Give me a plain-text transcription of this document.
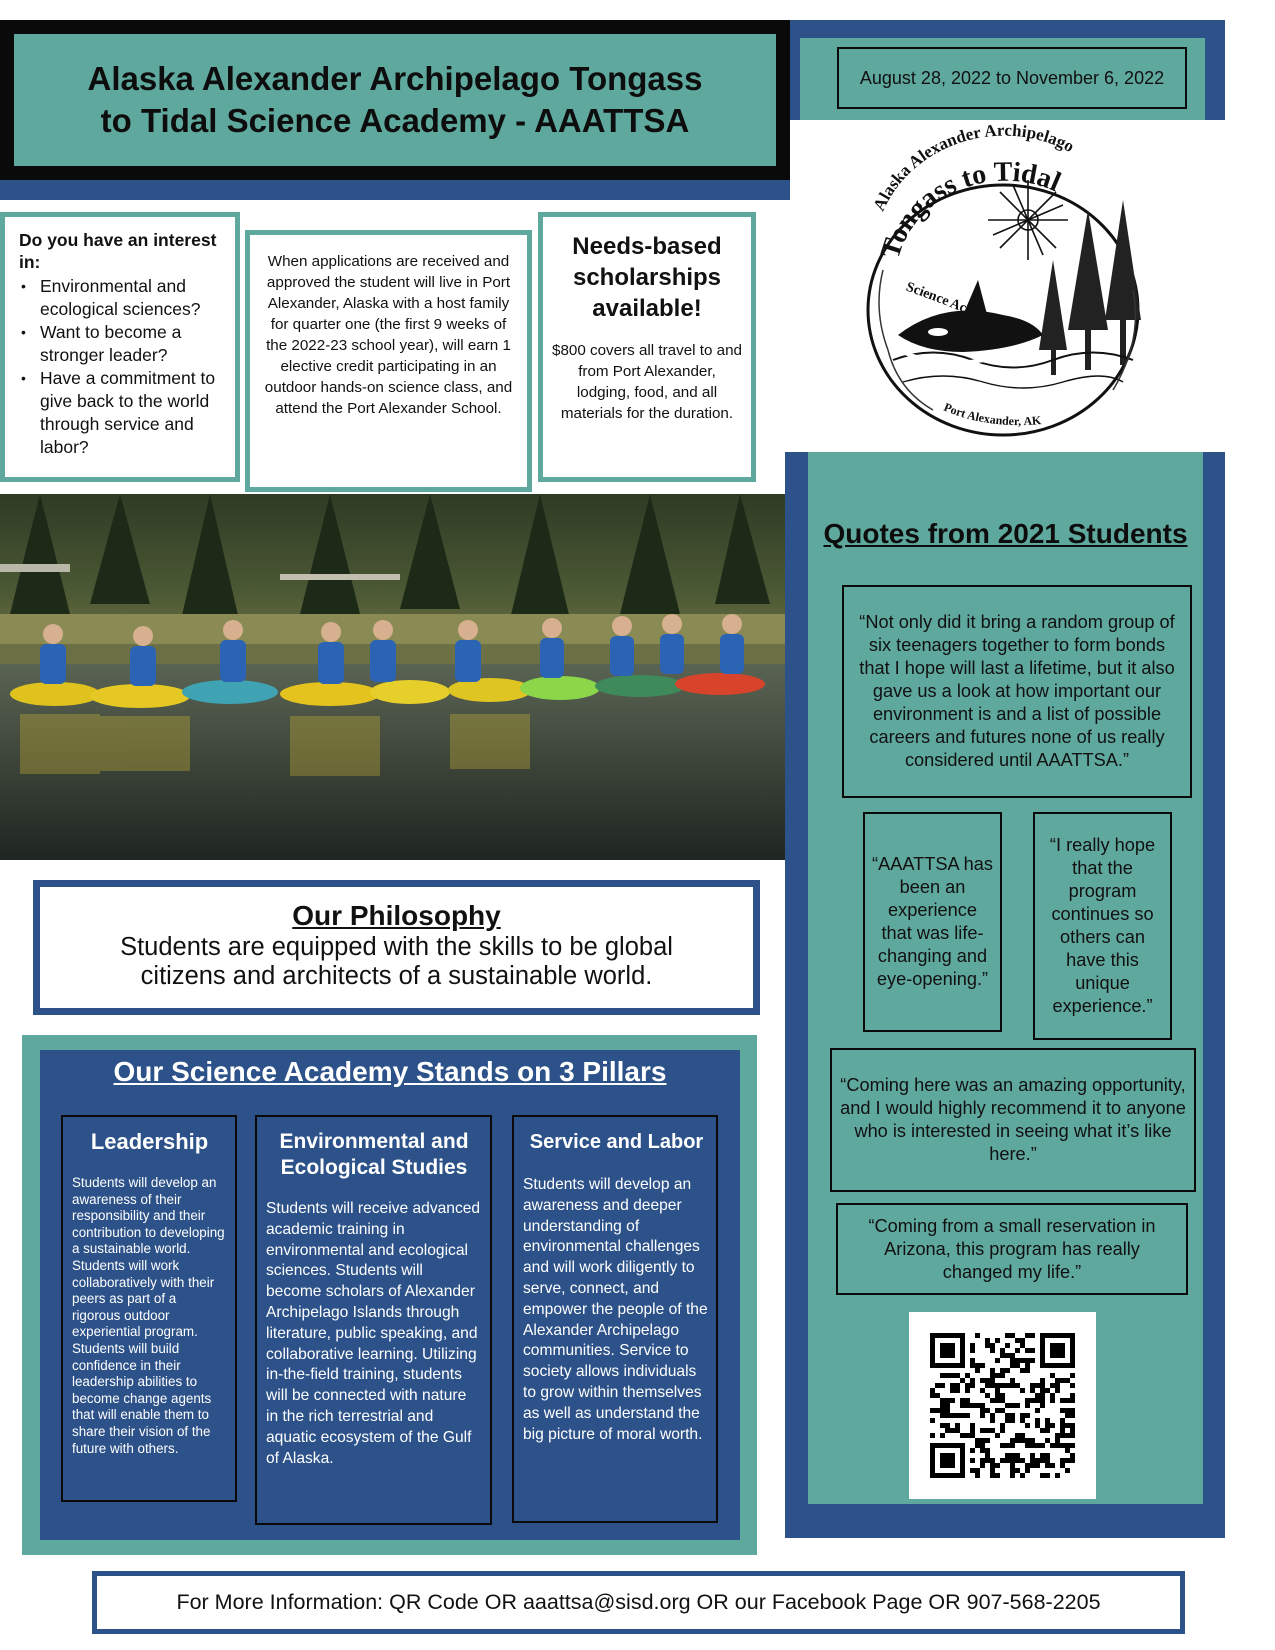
Alaska Alexander Archipelago Tongass
to Tidal Science Academy - AAATTSA
August 28, 2022 to November 6, 2022
Alaska Alexander Archipelago
Tongass to Tidal
Science Academy
Port Alexander, AK
Do you have an interest in:
• Environmental and ecological sciences?
• Want to become a stronger leader?
• Have a commitment to give back to the world through service and labor?
When applications are received and approved the student will live in Port Alexander, Alaska with a host family for quarter one (the first 9 weeks of the 2022-23 school year), will earn 1 elective credit participating in an outdoor hands-on science class, and attend the Port Alexander School.
Needs-based scholarships available!
$800 covers all travel to and from Port Alexander, lodging, food, and all materials for the duration.
Quotes from 2021 Students
“Not only did it bring a random group of six teenagers together to form bonds that I hope will last a lifetime, but it also gave us a look at how important our environment is and a list of possible careers and futures none of us really considered until AAATTSA.”
“AAATTSA has been an experience that was life-changing and eye-opening.”
“I really hope that the program continues so others can have this unique experience.”
“Coming here was an amazing opportunity, and I would highly recommend it to anyone who is interested in seeing what it’s like here.”
“Coming from a small reservation in Arizona, this program has really changed my life.”
Our Philosophy
Students are equipped with the skills to be global citizens and architects of a sustainable world.
Our Science Academy Stands on 3 Pillars
Leadership
Students will develop an awareness of their responsibility and their contribution to developing a sustainable world. Students will work collaboratively with their peers as part of a rigorous outdoor experiential program. Students will build confidence in their leadership abilities to become change agents that will enable them to share their vision of the future with others.
Environmental and Ecological Studies
Students will receive advanced academic training in environmental and ecological sciences. Students will become scholars of Alexander Archipelago Islands through literature, public speaking, and collaborative learning. Utilizing in-the-field training, students will be connected with nature in the rich terrestrial and aquatic ecosystem of the Gulf of Alaska.
Service and Labor
Students will develop an awareness and deeper understanding of environmental challenges and will work diligently to serve, connect, and empower the people of the Alexander Archipelago communities. Service to society allows individuals to grow within themselves as well as understand the big picture of moral worth.
For More Information: QR Code OR aaattsa@sisd.org OR our Facebook Page OR 907-568-2205
